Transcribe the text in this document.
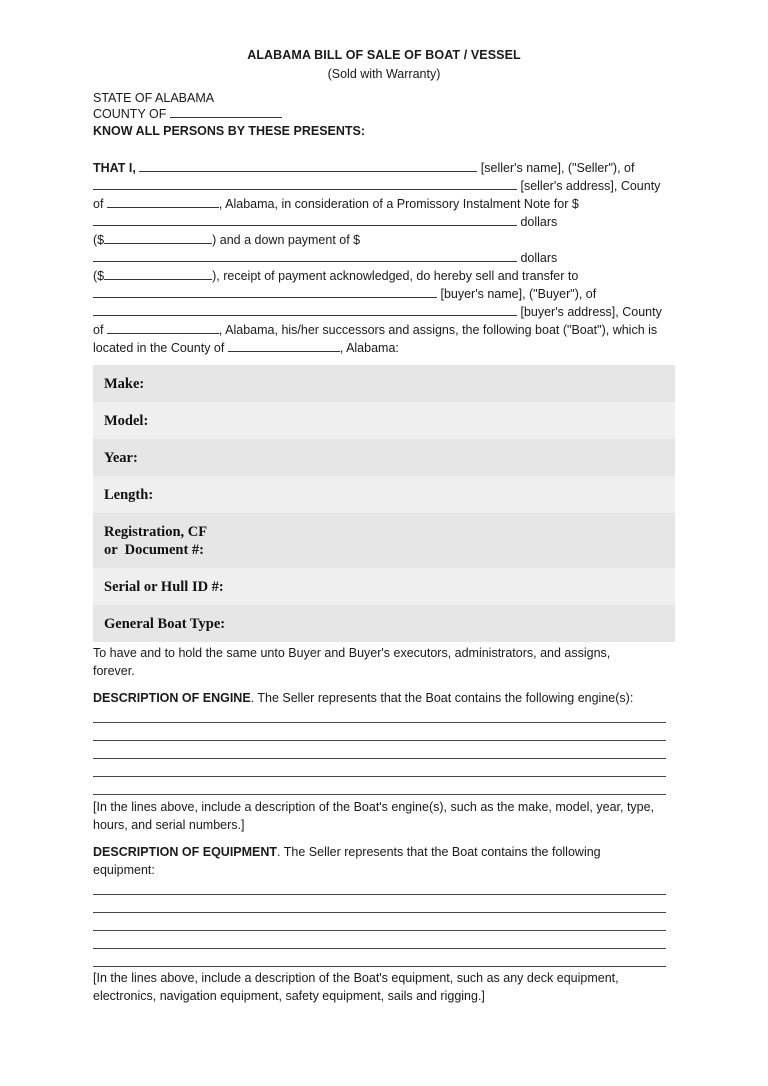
ALABAMA BILL OF SALE OF BOAT / VESSEL
(Sold with Warranty)
STATE OF ALABAMA
COUNTY OF
KNOW ALL PERSONS BY THESE PRESENTS:
THAT I,	[seller's name], ("Seller"), of
[seller's address], County
of	, Alabama, in consideration of a Promissory Instalment Note for $
dollars
($	) and a down payment of $
dollars
($	), receipt of payment acknowledged, do hereby sell and transfer to
[buyer's name], ("Buyer"), of
[buyer's address], County
of	, Alabama, his/her successors and assigns, the following boat ("Boat"), which is
located in the County of	, Alabama:
Make:
Model:
Year:
Length:
Registration, CF
or  Document #:
Serial or Hull ID #:
General Boat Type:
To have and to hold the same unto Buyer and Buyer's executors, administrators, and assigns,
forever.
DESCRIPTION OF ENGINE. The Seller represents that the Boat contains the following engine(s):
[In the lines above, include a description of the Boat's engine(s), such as the make, model, year, type,
hours, and serial numbers.]
DESCRIPTION OF EQUIPMENT. The Seller represents that the Boat contains the following
equipment:
[In the lines above, include a description of the Boat's equipment, such as any deck equipment,
electronics, navigation equipment, safety equipment, sails and rigging.]
